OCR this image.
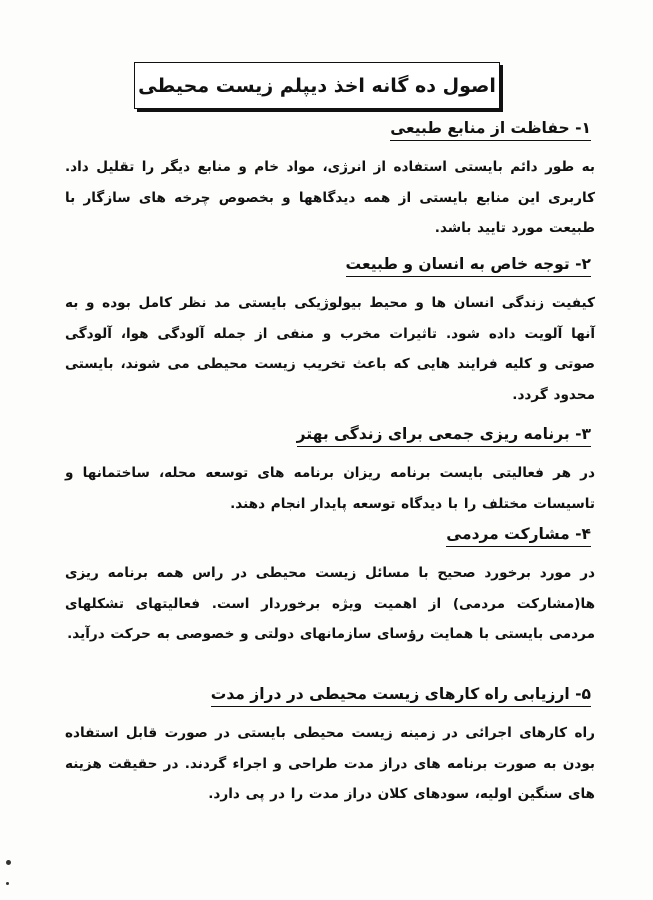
اصول ده گانه اخذ دیپلم زیست محیطی
۱- حفاظت از منابع طبیعی

به طور دائم بایستی استفاده از انرژی، مواد خام و منابع دیگر را تقلیل داد. کاربری این منابع بایستی از همه دیدگاهها و بخصوص چرخه های سازگار با طبیعت مورد تایید باشد.

۲- توجه خاص به انسان و طبیعت

کیفیت زندگی انسان ها و محیط بیولوژیکی بایستی مد نظر کامل بوده و به آنها آلویت داده شود. تاثیرات مخرب و منفی از جمله آلودگی هوا، آلودگی صوتی و کلیه فرایند هایی که باعث تخریب زیست محیطی می شوند، بایستی محدود گردد.

۳- برنامه ریزی جمعی برای زندگی بهتر

در هر فعالیتی بایست برنامه ریزان برنامه های توسعه محله، ساختمانها و تاسیسات مختلف را با دیدگاه توسعه پایدار انجام دهند.

۴- مشارکت مردمی

در مورد برخورد صحیح با مسائل زیست محیطی در راس همه برنامه ریزی ها(مشارکت مردمی) از اهمیت ویژه برخوردار است. فعالیتهای تشکلهای مردمی بایستی با همایت رؤسای سازمانهای دولتی و خصوصی به حرکت درآید.

۵- ارزیابی راه کارهای زیست محیطی در دراز مدت

راه کارهای اجرائی در زمینه زیست محیطی بایستی در صورت قابل استفاده بودن به صورت برنامه های دراز مدت طراحی و اجراء گردند. در حقیقت هزینه های سنگین اولیه، سودهای کلان دراز مدت را در پی دارد.
